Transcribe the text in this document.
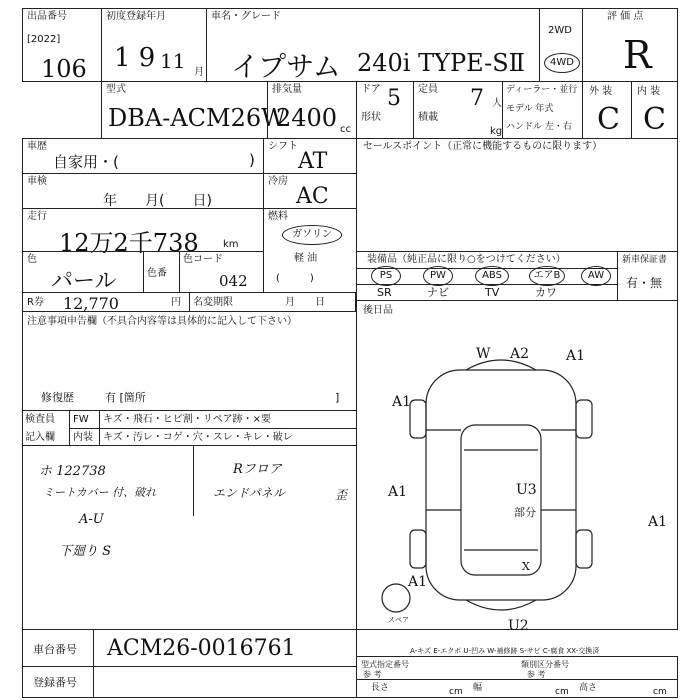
出品番号
[2022]
106
初度登録年月
1 9 11 月
車名・グレード
イプサム 240i TYPE-SⅡ
2WD
4WD
評 価 点
R
型式
DBA-ACM26W
排気量
2400 cc
ドア 5
形状
定員 7 人
積載
kg
ディーラー・並行
モデル 年式
ハンドル 左・右
外 装 内 装
C C
車歴
自家用・(	)
車検
年　　月(　　日)
走行
12万2千738 km
色
パール	色番
色コード
042
R券 12,770	円 名変期限	月　　日
シフト
AT
冷房
AC
燃料
ガソリン
軽 油
(　　　)
セールスポイント（正常に機能するものに限ります）
装備品（純正品に限り○をつけてください）
PS	PW	ABS	エアB	AW
SR	ナビ	TV	カワ
新車保証書
有・無
後日品
注意事項申告欄（不具合内容等は具体的に記入して下さい）
修復歴	有 [箇所	]
検査員
記入欄
FW
内装
キズ・飛石・ヒビ割・リペア跡・×要
キズ・汚レ・コゲ・穴・スレ・キレ・破レ
ホ 122738
ミートカバー 付、破れ
A-U
下廻り S
Rフロア
エンドパネル	歪
W A2	A1
A1
A1
A1
U3
部分
X
U2
A1
スペア
車台番号 ACM26-0016761
登録番号
A-キズ E-エクボ U-凹み W-補修跡 S-サビ C-腐食 XX-交換済
型式指定番号	類別区分番号
参 考	参 考
長さ	cm 幅	cm 高さ	cm
